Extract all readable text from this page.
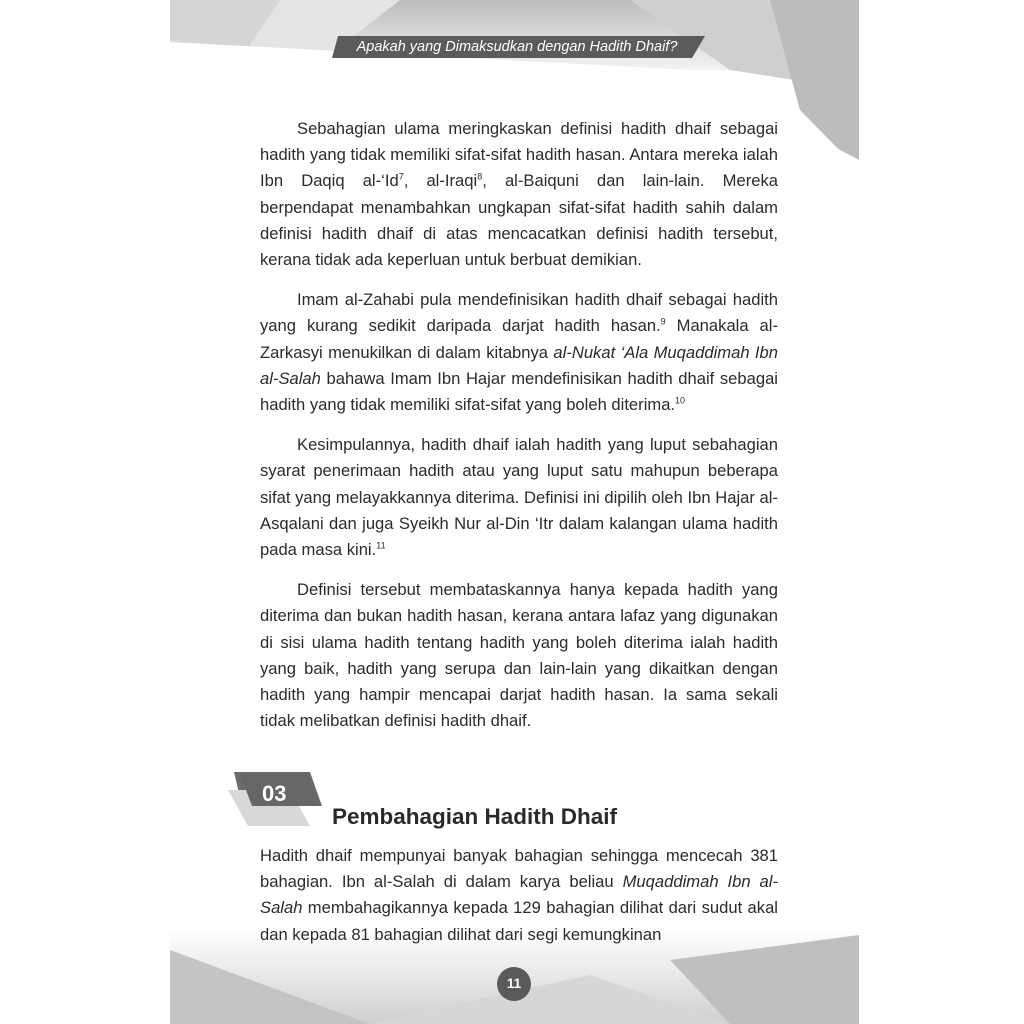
Apakah yang Dimaksudkan dengan Hadith Dhaif?

Sebahagian ulama meringkaskan definisi hadith dhaif sebagai hadith yang tidak memiliki sifat-sifat hadith hasan. Antara mereka ialah Ibn Daqiq al-‘Id$^7$, al-Iraqi$^8$, al-Baiquni dan lain-lain. Mereka berpendapat menambahkan ungkapan sifat-sifat hadith sahih dalam definisi hadith dhaif di atas mencacatkan definisi hadith tersebut, kerana tidak ada keperluan untuk berbuat demikian.

Imam al-Zahabi pula mendefinisikan hadith dhaif sebagai hadith yang kurang sedikit daripada darjat hadith hasan.$^9$ Manakala al-Zarkasyi menukilkan di dalam kitabnya al-Nukat ‘Ala Muqaddimah Ibn al-Salah bahawa Imam Ibn Hajar mendefinisikan hadith dhaif sebagai hadith yang tidak memiliki sifat-sifat yang boleh diterima.$^{10}$

Kesimpulannya, hadith dhaif ialah hadith yang luput sebahagian syarat penerimaan hadith atau yang luput satu mahupun beberapa sifat yang melayakkannya diterima. Definisi ini dipilih oleh Ibn Hajar al-Asqalani dan juga Syeikh Nur al-Din ‘Itr dalam kalangan ulama hadith pada masa kini.$^{11}$

Definisi tersebut membataskannya hanya kepada hadith yang diterima dan bukan hadith hasan, kerana antara lafaz yang digunakan di sisi ulama hadith tentang hadith yang boleh diterima ialah hadith yang baik, hadith yang serupa dan lain-lain yang dikaitkan dengan hadith yang hampir mencapai darjat hadith hasan. Ia sama sekali tidak melibatkan definisi hadith dhaif.

03
Pembahagian Hadith Dhaif

Hadith dhaif mempunyai banyak bahagian sehingga mencecah 381 bahagian. Ibn al-Salah di dalam karya beliau Muqaddimah Ibn al-Salah membahagikannya kepada 129 bahagian dilihat dari sudut akal dan kepada 81 bahagian dilihat dari segi kemungkinan

11
